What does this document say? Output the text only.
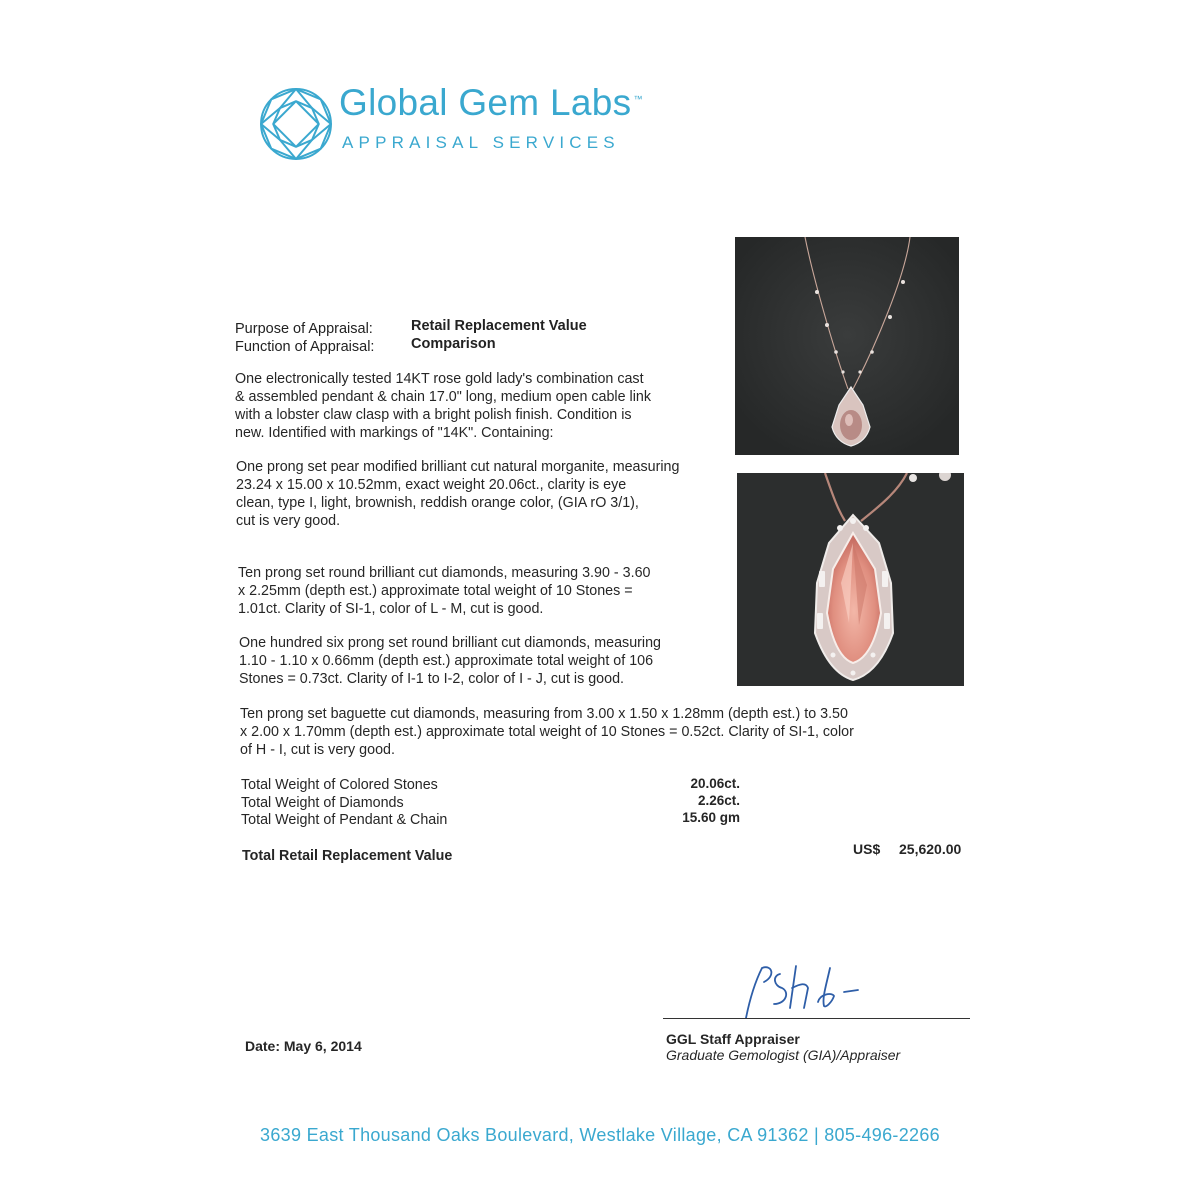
Global Gem Labs ™
APPRAISAL SERVICES
Purpose of Appraisal:	Retail Replacement Value
Function of Appraisal:	Comparison
One electronically tested 14KT rose gold lady's combination cast
& assembled pendant & chain 17.0" long, medium open cable link
with a lobster claw clasp with a bright polish finish. Condition is
new. Identified with markings of "14K". Containing:
One prong set pear modified brilliant cut natural morganite, measuring
23.24 x 15.00 x 10.52mm, exact weight 20.06ct., clarity is eye
clean, type I, light, brownish, reddish orange color, (GIA rO 3/1),
cut is very good.
Ten prong set round brilliant cut diamonds, measuring 3.90 - 3.60
x 2.25mm (depth est.) approximate total weight of 10 Stones =
1.01ct. Clarity of SI-1, color of L - M, cut is good.
One hundred six prong set round brilliant cut diamonds, measuring
1.10 - 1.10 x 0.66mm (depth est.) approximate total weight of 106
Stones = 0.73ct. Clarity of I-1 to I-2, color of I - J, cut is good.
Ten prong set baguette cut diamonds, measuring from 3.00 x 1.50 x 1.28mm (depth est.) to 3.50
x 2.00 x 1.70mm (depth est.) approximate total weight of 10 Stones = 0.52ct. Clarity of SI-1, color
of H - I, cut is very good.
Total Weight of Colored Stones	20.06ct.
Total Weight of Diamonds	2.26ct.
Total Weight of Pendant & Chain	15.60 gm
Total Retail Replacement Value	US$ 25,620.00
.
GGL Staff Appraiser
Graduate Gemologist (GIA)/Appraiser
Date: May 6, 2014
3639 East Thousand Oaks Boulevard, Westlake Village, CA 91362 | 805-496-2266
